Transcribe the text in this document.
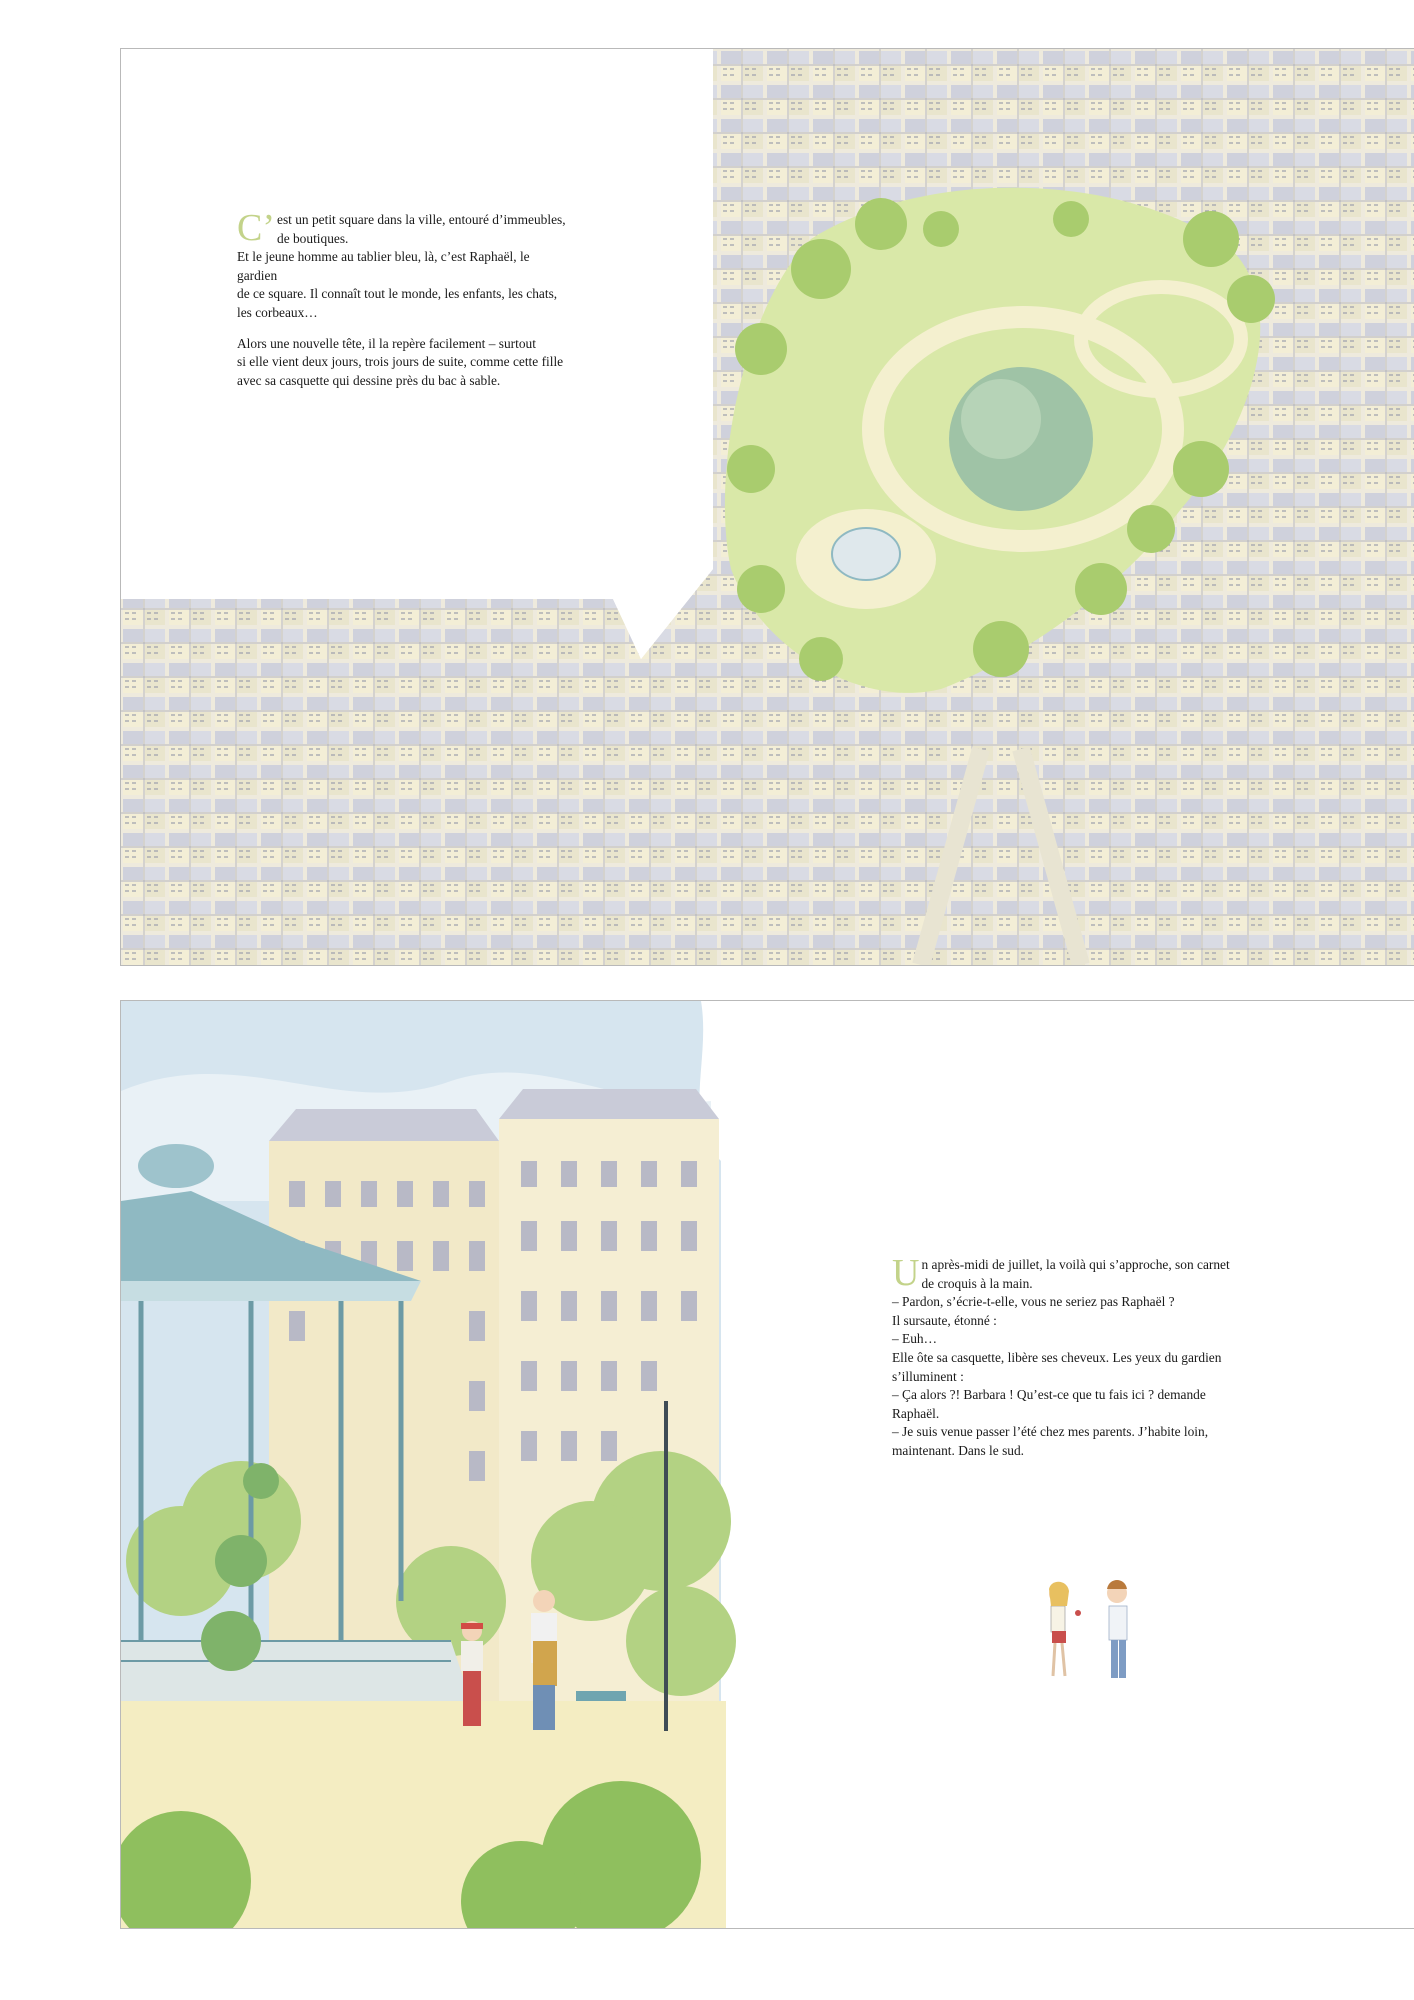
C’ est un petit square dans la ville, entouré d’immeubles,
de boutiques.
Et le jeune homme au tablier bleu, là, c’est Raphaël, le gardien
de ce square. Il connaît tout le monde, les enfants, les chats,
les corbeaux…

Alors une nouvelle tête, il la repère facilement – surtout
si elle vient deux jours, trois jours de suite, comme cette fille
avec sa casquette qui dessine près du bac à sable.

U n après-midi de juillet, la voilà qui s’approche, son carnet
de croquis à la main.
– Pardon, s’écrie-t-elle, vous ne seriez pas Raphaël ?
Il sursaute, étonné :
– Euh…
Elle ôte sa casquette, libère ses cheveux. Les yeux du gardien
s’illuminent :
– Ça alors ?! Barbara ! Qu’est-ce que tu fais ici ? demande
Raphaël.
– Je suis venue passer l’été chez mes parents. J’habite loin,
maintenant. Dans le sud.
